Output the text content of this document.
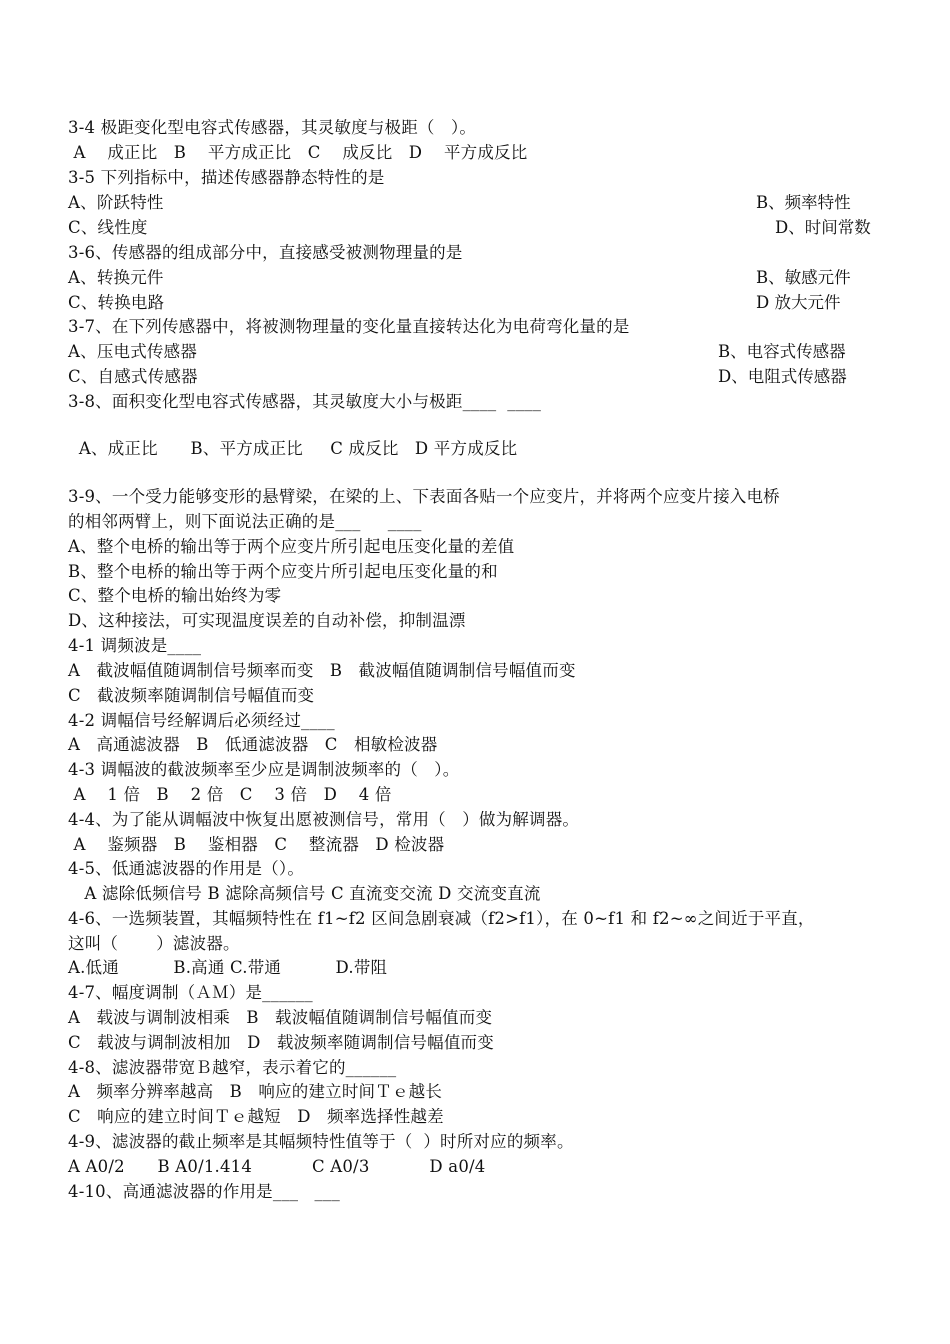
3-4 极距变化型电容式传感器，其灵敏度与极距（   ）。
A    成正比   B    平方成正比   C    成反比   D    平方成反比
3-5 下列指标中，描述传感器静态特性的是
A、阶跃特性	B、频率特性
C、线性度	D、时间常数
3-6、传感器的组成部分中，直接感受被测物理量的是
A、转换元件	B、敏感元件
C、转换电路	D 放大元件
3-7、在下列传感器中，将被测物理量的变化量直接转达化为电荷弯化量的是
A、压电式传感器	B、电容式传感器
C、自感式传感器	D、电阻式传感器
3-8、面积变化型电容式传感器，其灵敏度大小与极距____  ____
A、成正比      B、平方成正比     C 成反比   D 平方成反比
3-9、一个受力能够变形的悬臂梁，在梁的上、下表面各贴一个应变片，并将两个应变片接入电桥
的相邻两臂上，则下面说法正确的是___     ____
A、整个电桥的输出等于两个应变片所引起电压变化量的差值
B、整个电桥的输出等于两个应变片所引起电压变化量的和
C、整个电桥的输出始终为零
D、这种接法，可实现温度误差的自动补偿，抑制温漂
4-1 调频波是____
A   截波幅值随调制信号频率而变   B   截波幅值随调制信号幅值而变
C   截波频率随调制信号幅值而变
4-2 调幅信号经解调后必须经过____
A   高通滤波器   B   低通滤波器   C   相敏检波器
4-3 调幅波的截波频率至少应是调制波频率的（   ）。
A    1 倍   B    2 倍   C    3 倍   D    4 倍
4-4、为了能从调幅波中恢复出愿被测信号，常用（   ）做为解调器。
A    鉴频器   B    鉴相器   C    整流器   D 检波器
4-5、低通滤波器的作用是（）。
A 滤除低频信号 B 滤除高频信号 C 直流变交流 D 交流变直流
4-6、一选频装置，其幅频特性在 f1~f2 区间急剧衰减（f2>f1），在 0~f1 和 f2~∞之间近于平直，
这叫（       ）滤波器。
A.低通          B.高通 C.带通          D.带阻
4-7、幅度调制（ＡＭ）是______
A   载波与调制波相乘   B   载波幅值随调制信号幅值而变
C   载波与调制波相加   D   载波频率随调制信号幅值而变
4-8、滤波器带宽Ｂ越窄，表示着它的______
A   频率分辨率越高   B   响应的建立时间Ｔｅ越长
C   响应的建立时间Ｔｅ越短   D   频率选择性越差
4-9、滤波器的截止频率是其幅频特性值等于（  ）时所对应的频率。
A A0/2      B A0/1.414           C A0/3           D a0/4
4-10、高通滤波器的作用是___   ___
